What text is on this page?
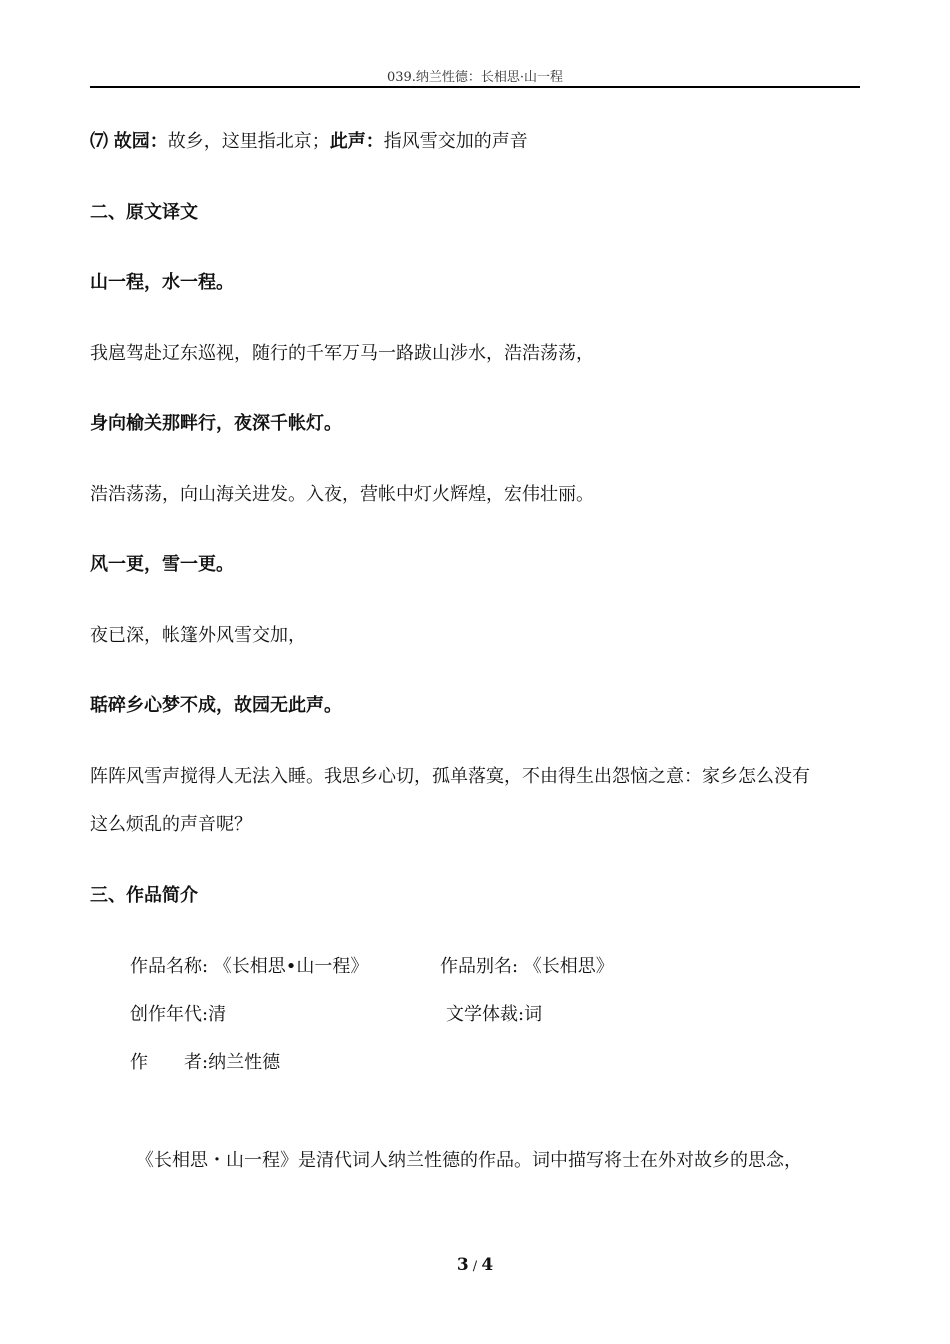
039.纳兰性德：长相思·山一程
⑺ 故园：故乡，这里指北京；此声：指风雪交加的声音
二、原文译文
山一程，水一程。
我扈驾赴辽东巡视，随行的千军万马一路跋山涉水，浩浩荡荡，
身向榆关那畔行，夜深千帐灯。
浩浩荡荡，向山海关进发。入夜，营帐中灯火辉煌，宏伟壮丽。
风一更，雪一更。
夜已深，帐篷外风雪交加，
聒碎乡心梦不成，故园无此声。
阵阵风雪声搅得人无法入睡。我思乡心切，孤单落寞，不由得生出怨恼之意：家乡怎么没有
这么烦乱的声音呢？
三、作品简介
作品名称: 《长相思•山一程》	作品别名: 《长相思》
创作年代:清	文学体裁:词
作　　者:纳兰性德
《长相思・山一程》是清代词人纳兰性德的作品。词中描写将士在外对故乡的思念，
3 / 4
